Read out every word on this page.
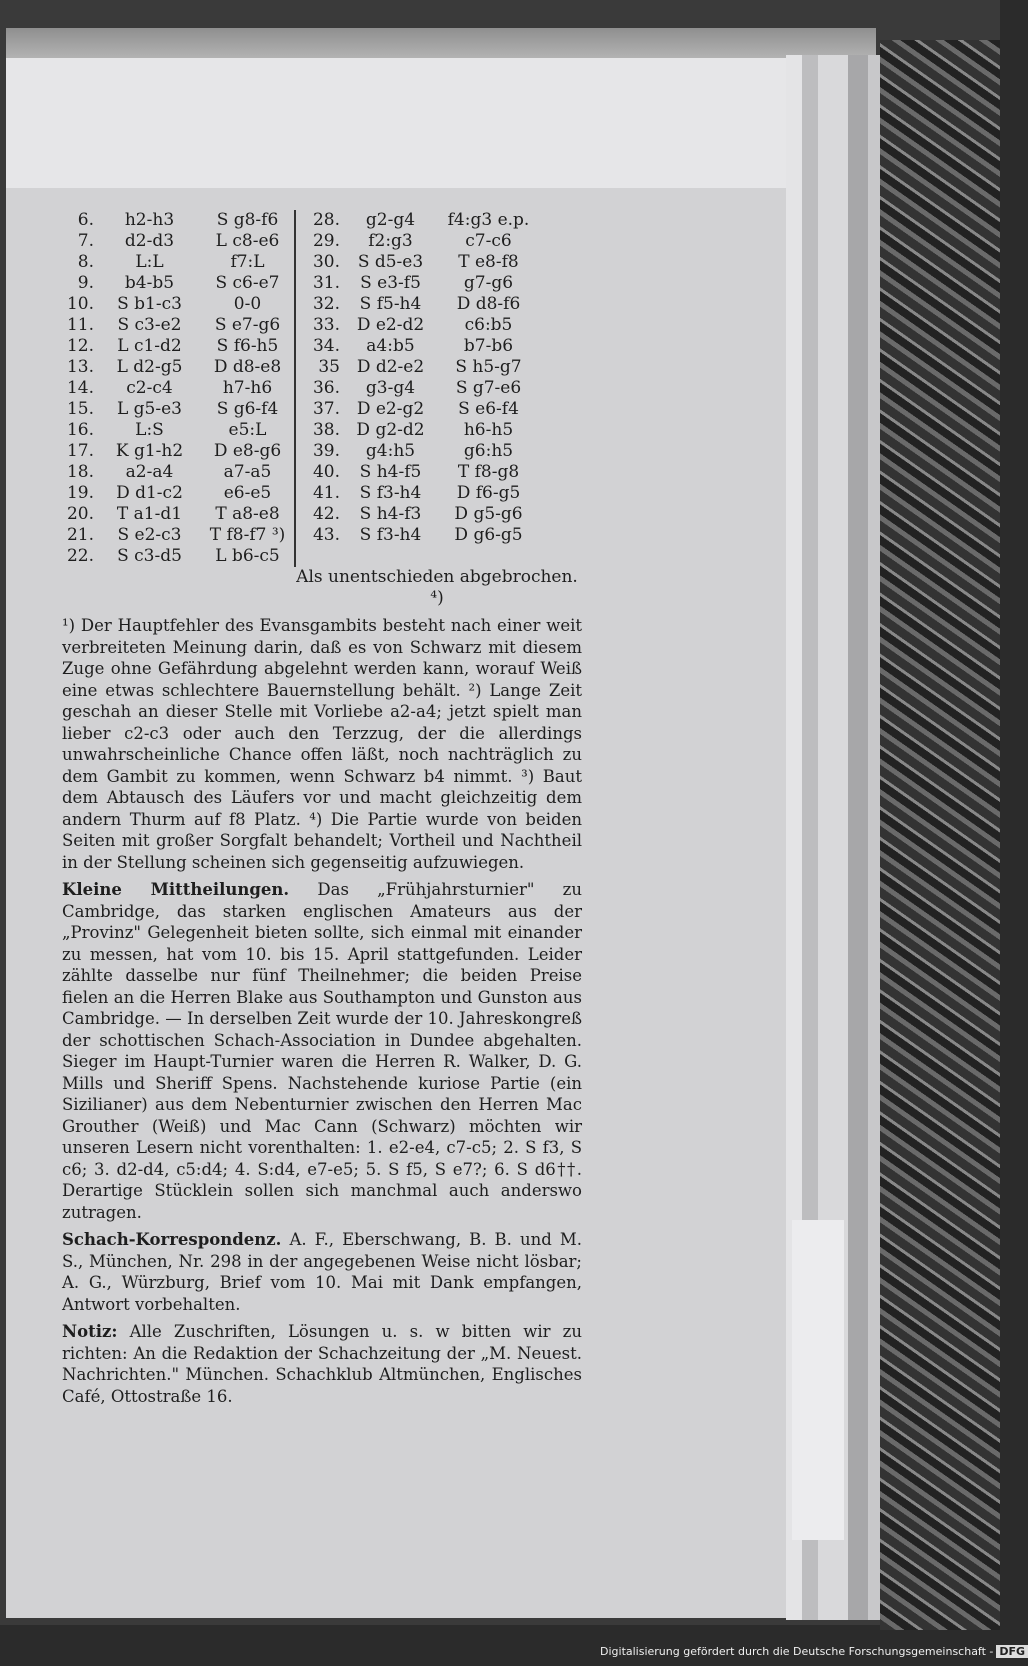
6.	h2-h3	S g8-f6		28.	g2-g4	f4:g3 e.p.
7.	d2-d3	L c8-e6		29.	f2:g3	c7-c6
8.	L:L	f7:L		30.	S d5-e3	T e8-f8
9.	b4-b5	S c6-e7		31.	S e3-f5	g7-g6
10.	S b1-c3	0-0		32.	S f5-h4	D d8-f6
11.	S c3-e2	S e7-g6		33.	D e2-d2	c6:b5
12.	L c1-d2	S f6-h5		34.	a4:b5	b7-b6
13.	L d2-g5	D d8-e8		35	D d2-e2	S h5-g7
14.	c2-c4	h7-h6		36.	g3-g4	S g7-e6
15.	L g5-e3	S g6-f4		37.	D e2-g2	S e6-f4
16.	L:S	e5:L		38.	D g2-d2	h6-h5
17.	K g1-h2	D e8-g6		39.	g4:h5	g6:h5
18.	a2-a4	a7-a5		40.	S h4-f5	T f8-g8
19.	D d1-c2	e6-e5		41.	S f3-h4	D f6-g5
20.	T a1-d1	T a8-e8		42.	S h4-f3	D g5-g6
21.	S e2-c3	T f8-f7 ³)		43.	S f3-h4	D g6-g5
22.	S c3-d5	L b6-c5				
Als unentschieden abgebrochen. ⁴)

¹) Der Hauptfehler des Evansgambits besteht nach einer weit verbreiteten Meinung darin, daß es von Schwarz mit diesem Zuge ohne Gefährdung abgelehnt werden kann, worauf Weiß eine etwas schlechtere Bauernstellung behält. ²) Lange Zeit geschah an dieser Stelle mit Vorliebe a2-a4; jetzt spielt man lieber c2-c3 oder auch den Terzzug, der die allerdings unwahrscheinliche Chance offen läßt, noch nachträglich zu dem Gambit zu kommen, wenn Schwarz b4 nimmt. ³) Baut dem Abtausch des Läufers vor und macht gleichzeitig dem andern Thurm auf f8 Platz. ⁴) Die Partie wurde von beiden Seiten mit großer Sorgfalt behandelt; Vortheil und Nachtheil in der Stellung scheinen sich gegenseitig aufzuwiegen.

Kleine Mittheilungen. Das „Frühjahrsturnier" zu Cambridge, das starken englischen Amateurs aus der „Provinz" Gelegenheit bieten sollte, sich einmal mit einander zu messen, hat vom 10. bis 15. April stattgefunden. Leider zählte dasselbe nur fünf Theilnehmer; die beiden Preise fielen an die Herren Blake aus Southampton und Gunston aus Cambridge. — In derselben Zeit wurde der 10. Jahreskongreß der schottischen Schach-Association in Dundee abgehalten. Sieger im Haupt-Turnier waren die Herren R. Walker, D. G. Mills und Sheriff Spens. Nachstehende kuriose Partie (ein Sizilianer) aus dem Nebenturnier zwischen den Herren Mac Grouther (Weiß) und Mac Cann (Schwarz) möchten wir unseren Lesern nicht vorenthalten: 1. e2-e4, c7-c5; 2. S f3, S c6; 3. d2-d4, c5:d4; 4. S:d4, e7-e5; 5. S f5, S e7?; 6. S d6††. Derartige Stücklein sollen sich manchmal auch anderswo zutragen.

Schach-Korrespondenz. A. F., Eberschwang, B. B. und M. S., München, Nr. 298 in der angegebenen Weise nicht lösbar; A. G., Würzburg, Brief vom 10. Mai mit Dank empfangen, Antwort vorbehalten.

Notiz: Alle Zuschriften, Lösungen u. s. w bitten wir zu richten: An die Redaktion der Schachzeitung der „M. Neuest. Nachrichten." München. Schachklub Altmünchen, Englisches Café, Ottostraße 16.

Digitalisierung gefördert durch die Deutsche Forschungsgemeinschaft - DFG
